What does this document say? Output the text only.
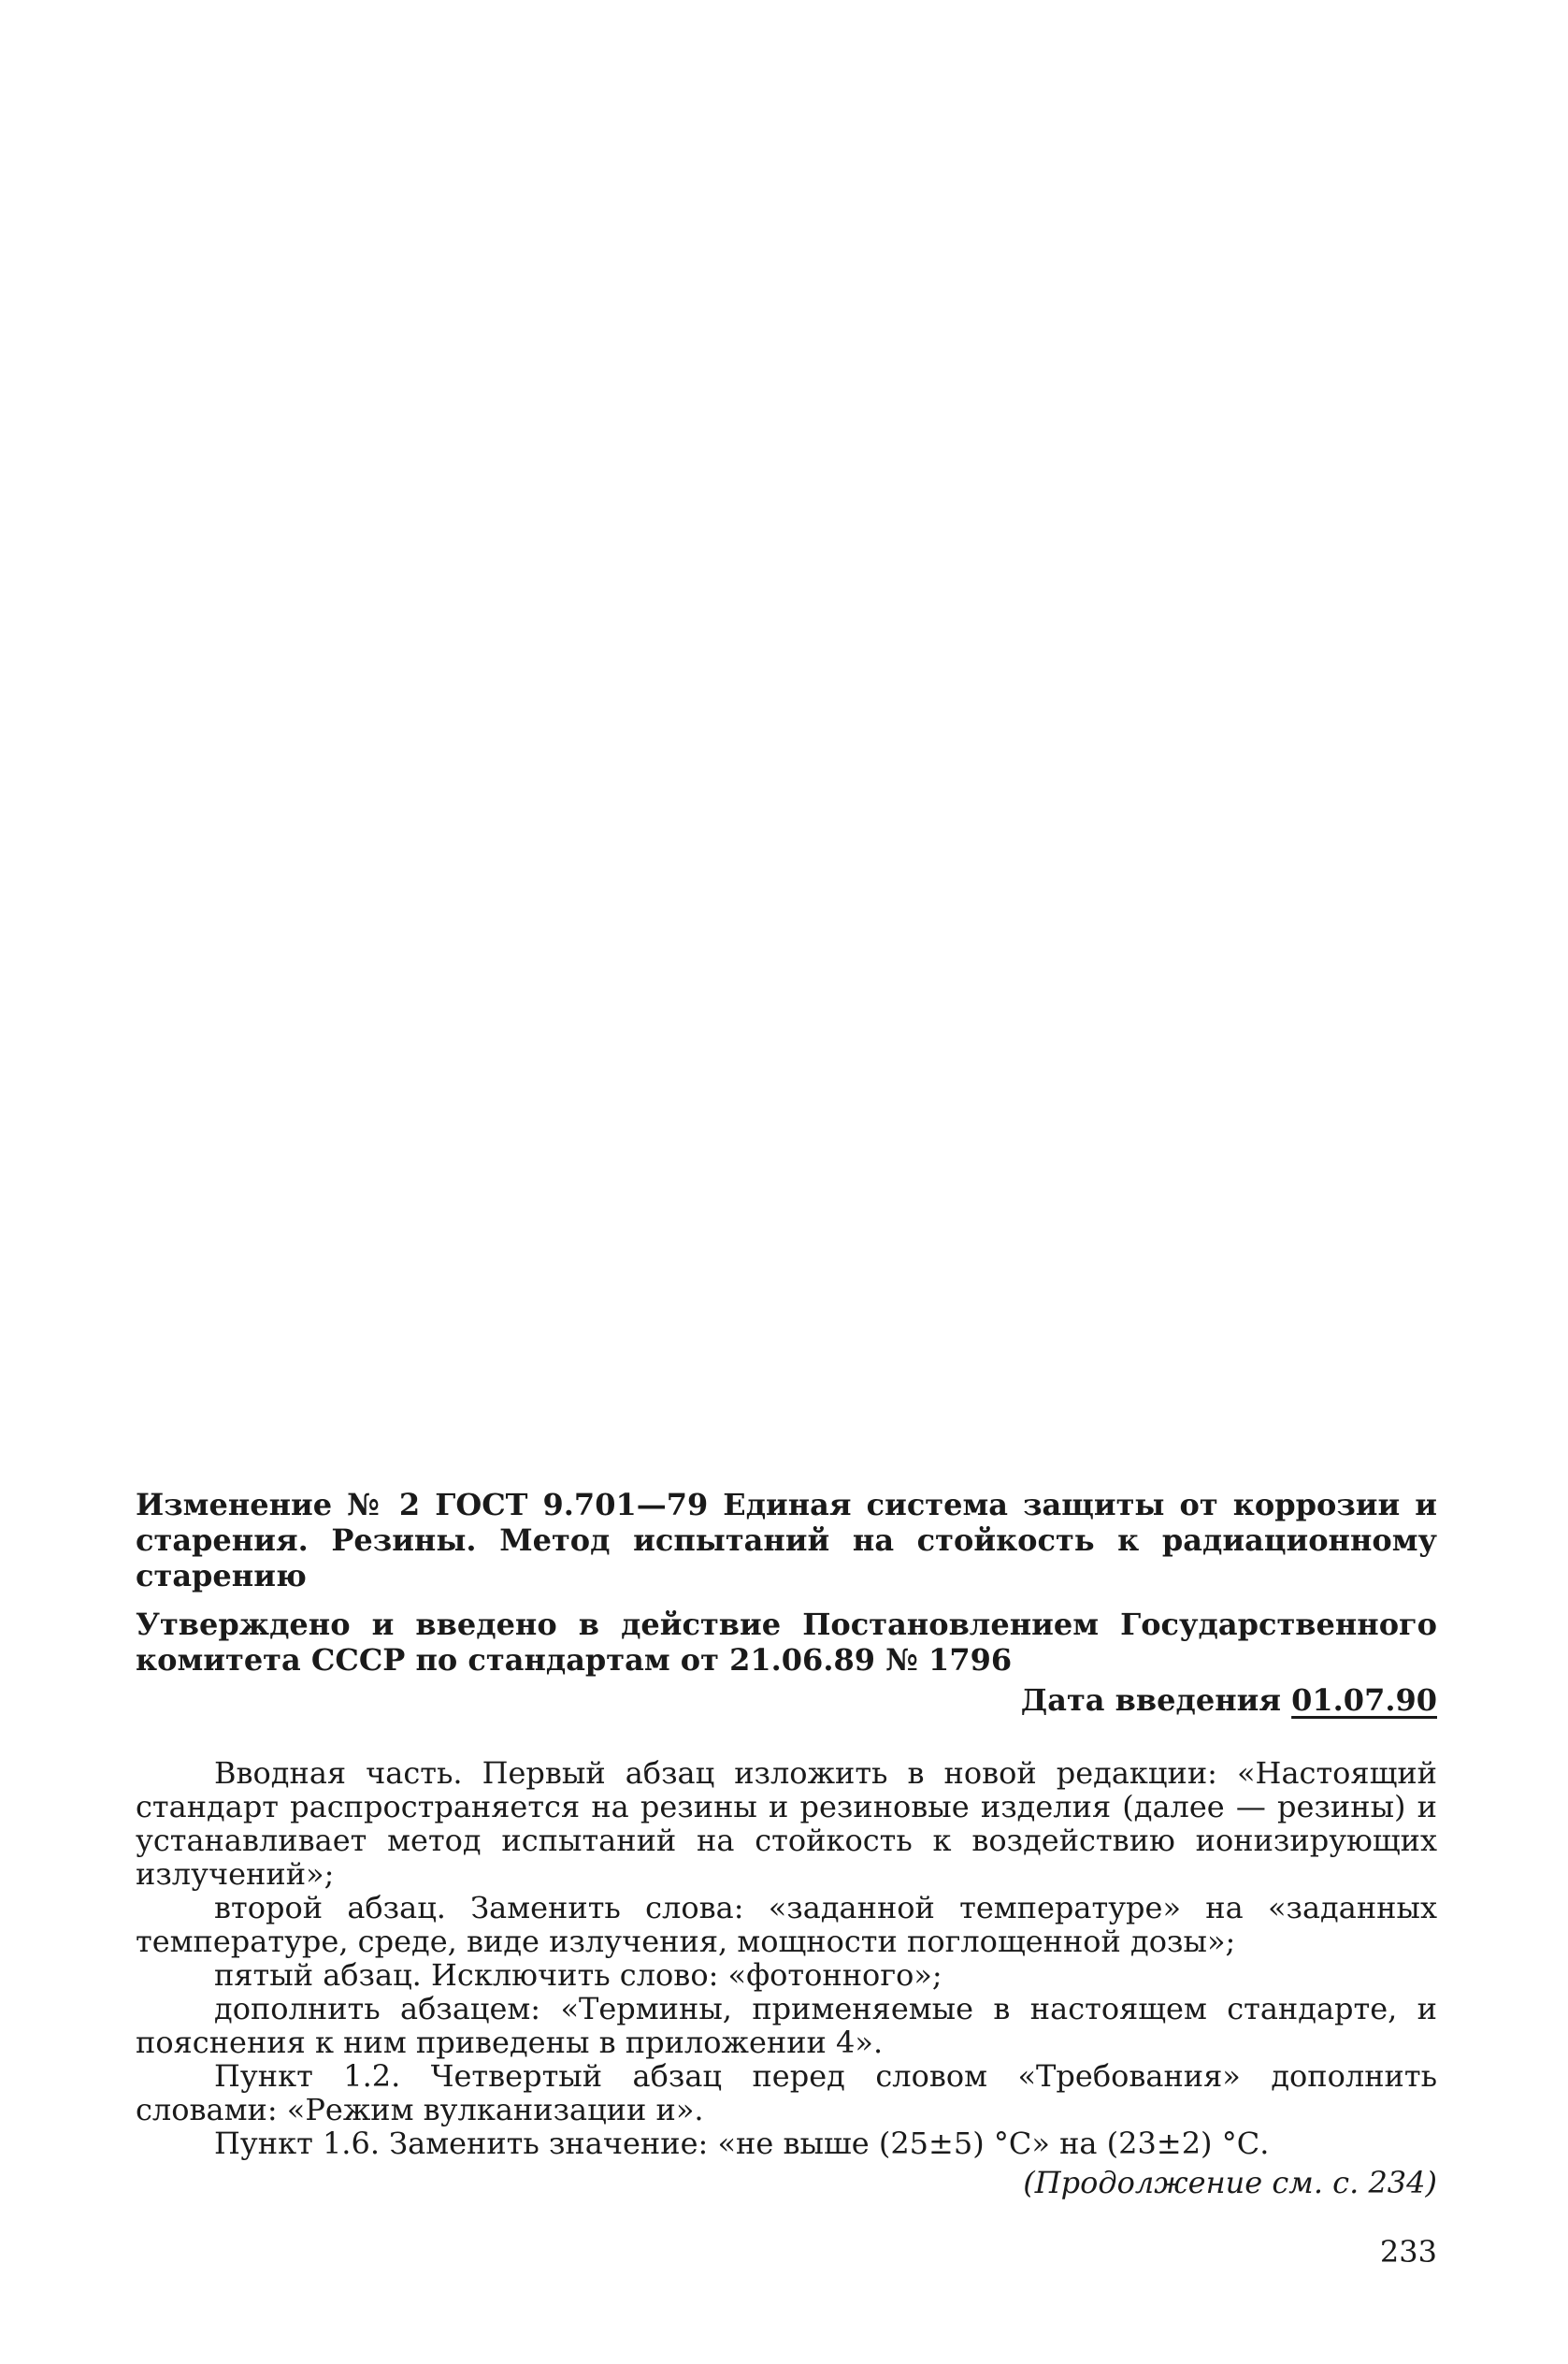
Изменение № 2 ГОСТ 9.701—79 Единая система защиты от коррозии и старения. Резины. Метод испытаний на стойкость к радиационному старению

Утверждено и введено в действие Постановлением Государственного комитета СССР по стандартам от 21.06.89 № 1796

Дата введения 01.07.90

Вводная часть. Первый абзац изложить в новой редакции: «Настоящий стандарт распространяется на резины и резиновые изделия (далее — резины) и устанавливает метод испытаний на стойкость к воздействию ионизирующих излучений»;

второй абзац. Заменить слова: «заданной температуре» на «заданных температуре, среде, виде излучения, мощности поглощенной дозы»;

пятый абзац. Исключить слово: «фотонного»;

дополнить абзацем: «Термины, применяемые в настоящем стандарте, и пояснения к ним приведены в приложении 4».

Пункт 1.2. Четвертый абзац перед словом «Требования» дополнить словами: «Режим вулканизации и».

Пункт 1.6. Заменить значение: «не выше (25±5) °С» на (23±2) °С.

(Продолжение см. с. 234)
233
